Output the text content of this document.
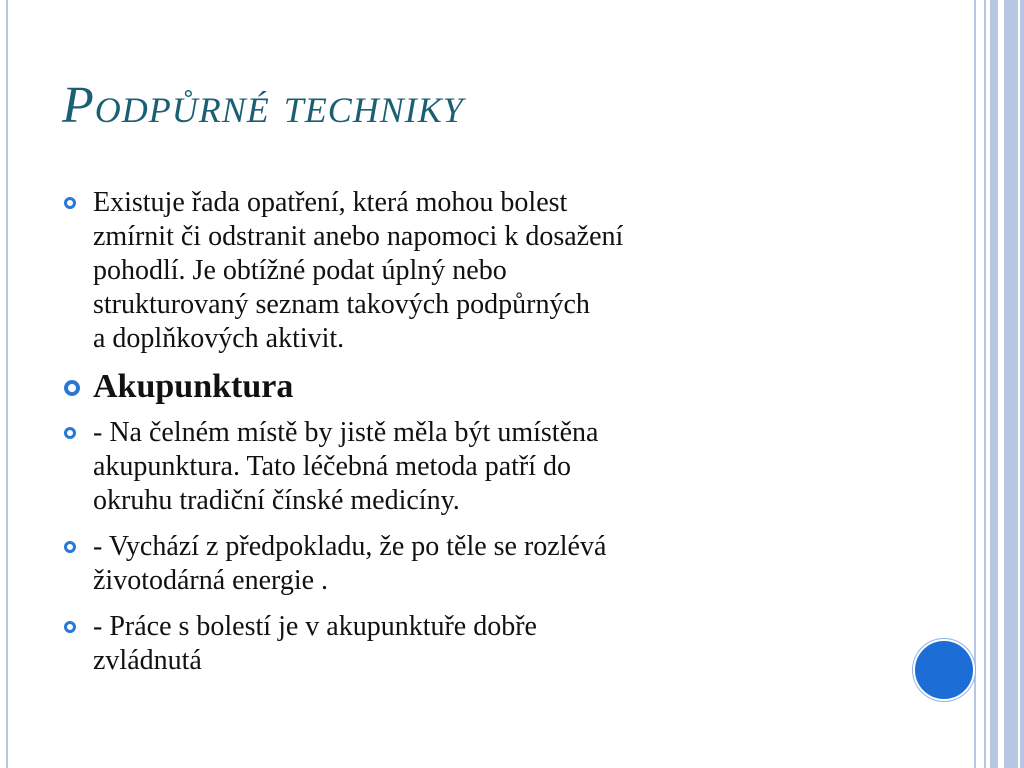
Podpůrné techniky
Existuje řada opatření, která mohou bolest
zmírnit či odstranit anebo napomoci k dosažení
pohodlí. Je obtížné podat úplný nebo
strukturovaný seznam takových podpůrných
a doplňkových aktivit.
Akupunktura
- Na čelném místě by jistě měla být umístěna
akupunktura. Tato léčebná metoda patří do
okruhu tradiční čínské medicíny.
- Vychází z předpokladu, že po těle se rozlévá
životodárná energie .
- Práce s bolestí je v akupunktuře dobře
zvládnutá
